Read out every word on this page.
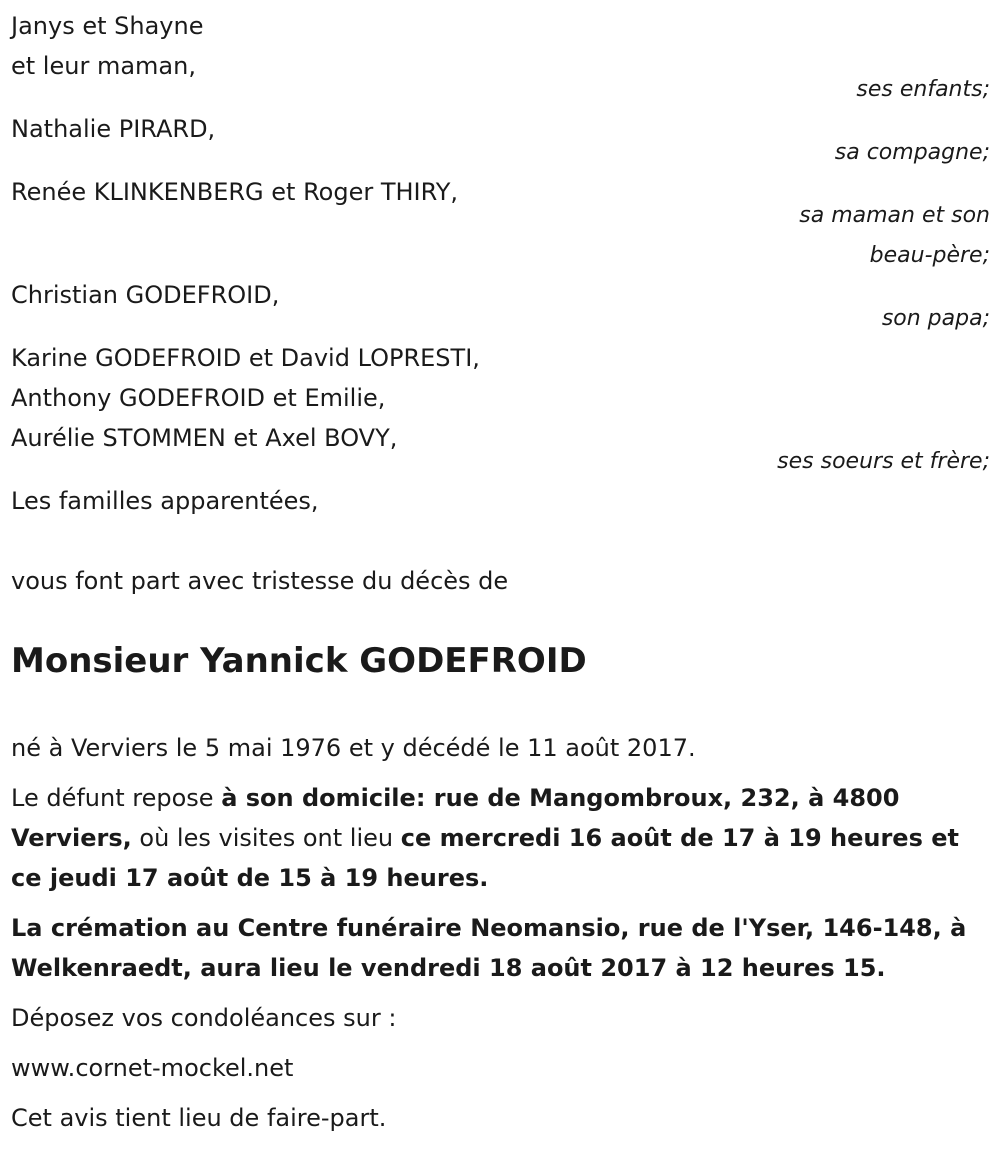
Janys et Shayne

et leur maman,

ses enfants;

Nathalie PIRARD,

sa compagne;

Renée KLINKENBERG et Roger THIRY,

sa maman et son

beau-père;

Christian GODEFROID,

son papa;

Karine GODEFROID et David LOPRESTI,

Anthony GODEFROID et Emilie,

Aurélie STOMMEN et Axel BOVY,

ses soeurs et frère;

Les familles apparentées,

vous font part avec tristesse du décès de

Monsieur Yannick GODEFROID

né à Verviers le 5 mai 1976 et y décédé le 11 août 2017.

Le défunt repose à son domicile: rue de Mangombroux, 232, à 4800 Verviers, où les visites ont lieu ce mercredi 16 août de 17 à 19 heures et ce jeudi 17 août de 15 à 19 heures.

La crémation au Centre funéraire Neomansio, rue de l'Yser, 146-148, à Welkenraedt, aura lieu le vendredi 18 août 2017 à 12 heures 15.

Déposez vos condoléances sur :

www.cornet-mockel.net

Cet avis tient lieu de faire-part.
